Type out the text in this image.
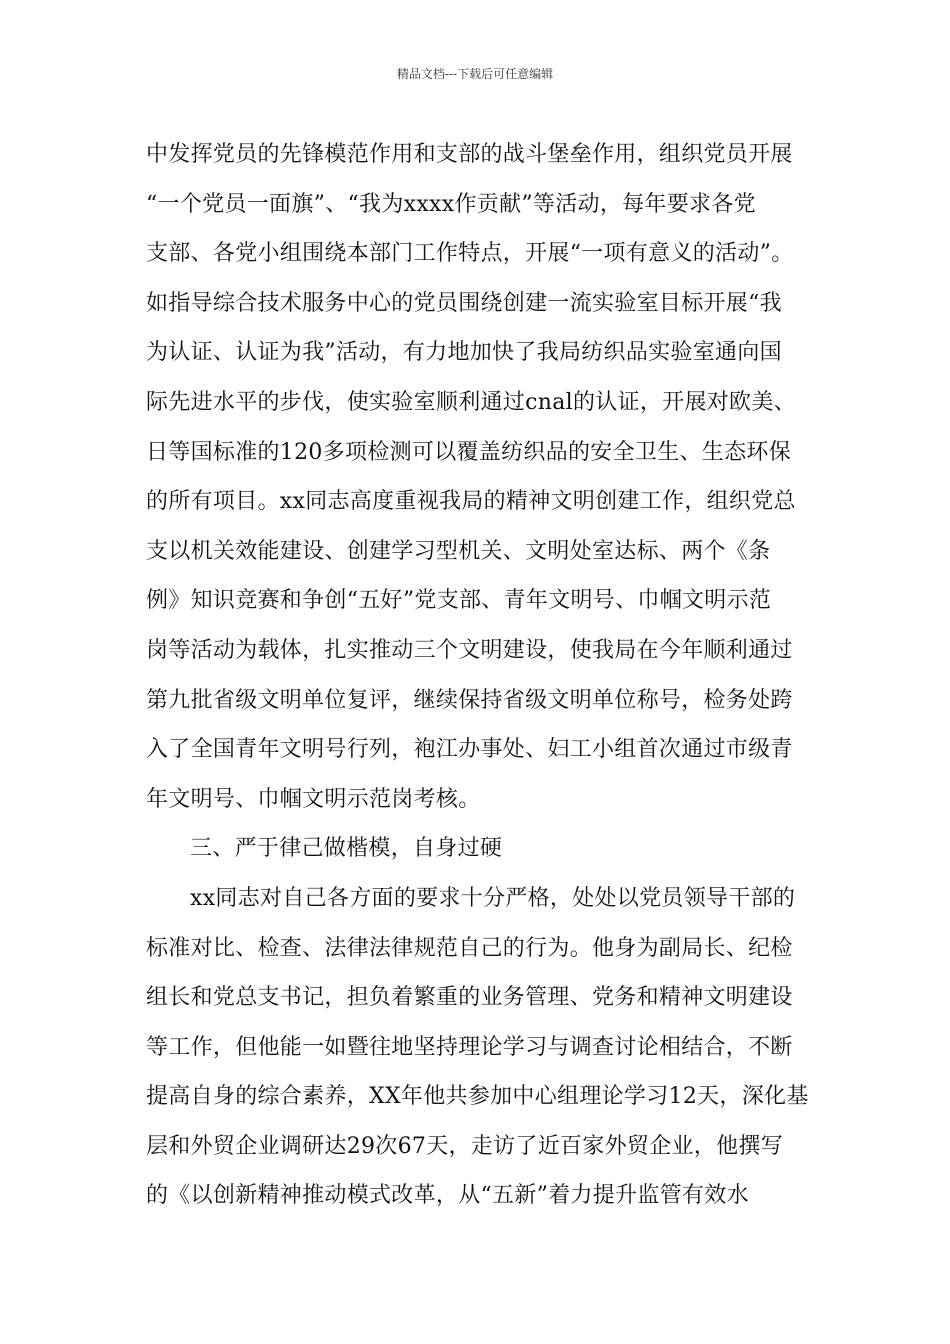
精品文档---下载后可任意编辑
中发挥党员的先锋模范作用和支部的战斗堡垒作用，组织党员开展
“一个党员一面旗”、“我为xxxx作贡献”等活动，每年要求各党
支部、各党小组围绕本部门工作特点，开展“一项有意义的活动”。
如指导综合技术服务中心的党员围绕创建一流实验室目标开展“我
为认证、认证为我”活动，有力地加快了我局纺织品实验室通向国
际先进水平的步伐，使实验室顺利通过cnal的认证，开展对欧美、
日等国标准的120多项检测可以覆盖纺织品的安全卫生、生态环保
的所有项目。xx同志高度重视我局的精神文明创建工作，组织党总
支以机关效能建设、创建学习型机关、文明处室达标、两个《条
例》知识竞赛和争创“五好”党支部、青年文明号、巾帼文明示范
岗等活动为载体，扎实推动三个文明建设，使我局在今年顺利通过
第九批省级文明单位复评，继续保持省级文明单位称号，检务处跨
入了全国青年文明号行列，袍江办事处、妇工小组首次通过市级青
年文明号、巾帼文明示范岗考核。
三、严于律己做楷模，自身过硬
xx同志对自己各方面的要求十分严格，处处以党员领导干部的
标准对比、检查、法律法律规范自己的行为。他身为副局长、纪检
组长和党总支书记，担负着繁重的业务管理、党务和精神文明建设
等工作，但他能一如暨往地坚持理论学习与调查讨论相结合，不断
提高自身的综合素养，XX年他共参加中心组理论学习12天，深化基
层和外贸企业调研达29次67天，走访了近百家外贸企业，他撰写
的《以创新精神推动模式改革，从“五新”着力提升监管有效水
